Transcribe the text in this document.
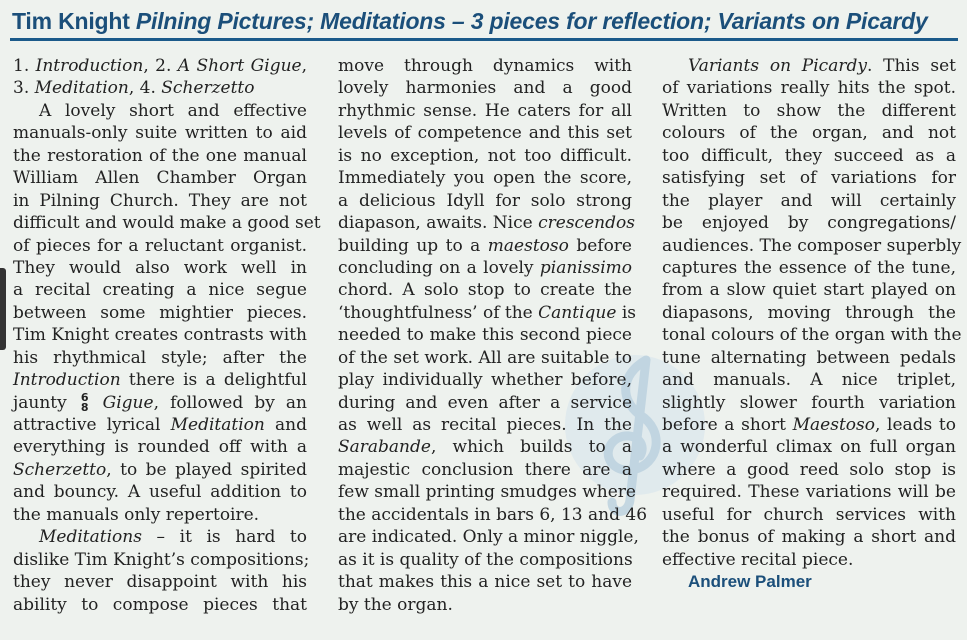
Tim Knight Pilning Pictures; Meditations – 3 pieces for reflection; Variants on Picardy
1. Introduction, 2. A Short Gigue,
3. Meditation, 4. Scherzetto
A lovely short and effective
manuals-only suite written to aid
the restoration of the one manual
William Allen Chamber Organ
in Pilning Church. They are not
difficult and would make a good set
of pieces for a reluctant organist.
They would also work well in
a recital creating a nice segue
between some mightier pieces.
Tim Knight creates contrasts with
his rhythmical style; after the
Introduction there is a delightful
jaunty 6
8 Gigue, followed by an
attractive lyrical Meditation and
everything is rounded off with a
Scherzetto, to be played spirited
and bouncy. A useful addition to
the manuals only repertoire.
Meditations – it is hard to
dislike Tim Knight’s compositions;
they never disappoint with his
ability to compose pieces that
move through dynamics with
lovely harmonies and a good
rhythmic sense. He caters for all
levels of competence and this set
is no exception, not too difficult.
Immediately you open the score,
a delicious Idyll for solo strong
diapason, awaits. Nice crescendos
building up to a maestoso before
concluding on a lovely pianissimo
chord. A solo stop to create the
‘thoughtfulness’ of the Cantique is
needed to make this second piece
of the set work. All are suitable to
play individually whether before,
during and even after a service
as well as recital pieces. In the
Sarabande, which builds to a
majestic conclusion there are a
few small printing smudges where
the accidentals in bars 6, 13 and 46
are indicated. Only a minor niggle,
as it is quality of the compositions
that makes this a nice set to have
by the organ.
Variants on Picardy. This set
of variations really hits the spot.
Written to show the different
colours of the organ, and not
too difficult, they succeed as a
satisfying set of variations for
the player and will certainly
be enjoyed by congregations/
audiences. The composer superbly
captures the essence of the tune,
from a slow quiet start played on
diapasons, moving through the
tonal colours of the organ with the
tune alternating between pedals
and manuals. A nice triplet,
slightly slower fourth variation
before a short Maestoso, leads to
a wonderful climax on full organ
where a good reed solo stop is
required. These variations will be
useful for church services with
the bonus of making a short and
effective recital piece.
Andrew Palmer
